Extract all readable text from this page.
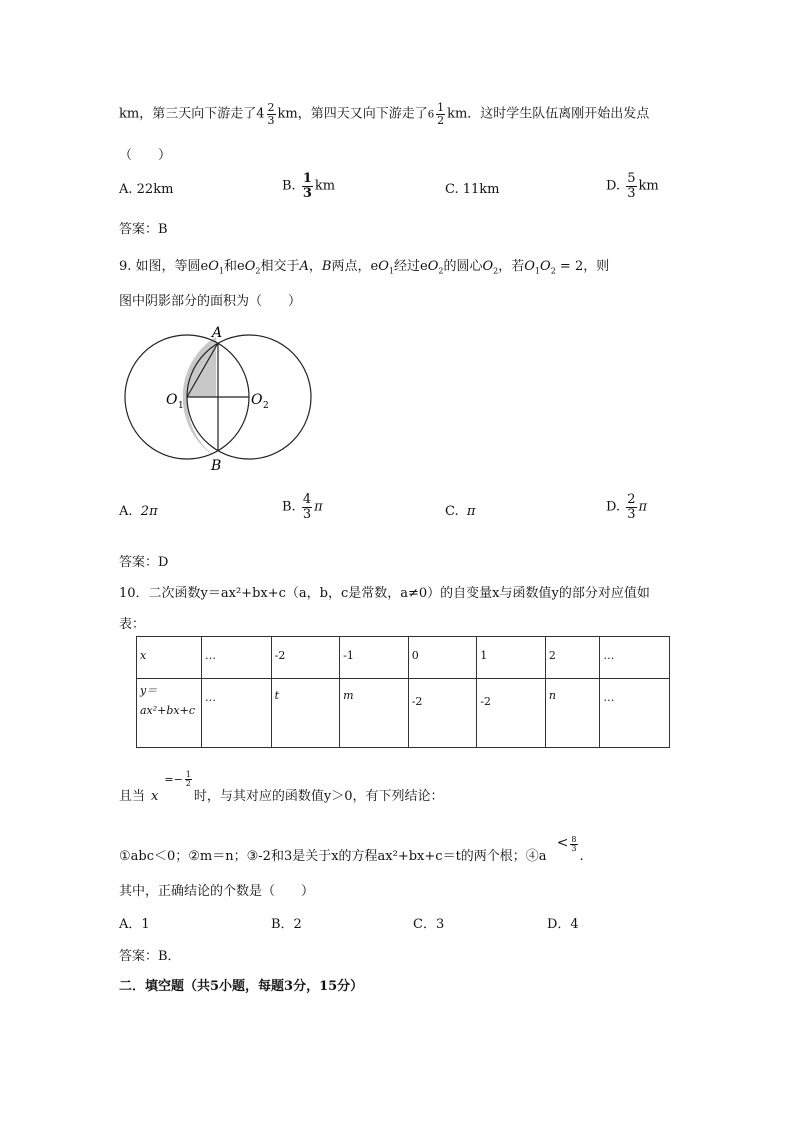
km，第三天向下游走了$4 \frac{2}{3}$ km，第四天又向下游走了$6 \frac{1}{2}$ km．这时学生队伍离刚开始出发点
（　　）
A. 22km	B. $\frac{1}{3}$ km	C. 11km	D. $\frac{5}{3}$ km
答案：B
9. 如图，等圆$eO_1$和$eO_2$相交于A，B两点，$eO_1$经过$eO_2$的圆心$O_2$，若$O_1O_2 = 2$，则
图中阴影部分的面积为（　　）
A
B
O 1	O 2
A. 2π	B. $\frac{4}{3}$ π	C. π	D. $\frac{2}{3}$ π
答案：D
10．二次函数y＝ax²+bx+c（a，b，c是常数，a≠0）的自变量x与函数值y的部分对应值如
表：
x	…	-2	-1	0	1	2	…
y＝
ax²+bx+c	…	t	m	-2	-2	n	…
且当 $x=- \frac{1}{2}$
时，与其对应的函数值y＞0，有下列结论：
①abc＜0；②m＝n；③-2和3是关于x的方程ax²+bx+c＝t的两个根；④a < $\frac{8}{3}$
.
其中，正确结论的个数是（　　）
A．1	B．2	C．3	D．4
答案：B．
二．填空题（共5小题，每题3分，15分）
